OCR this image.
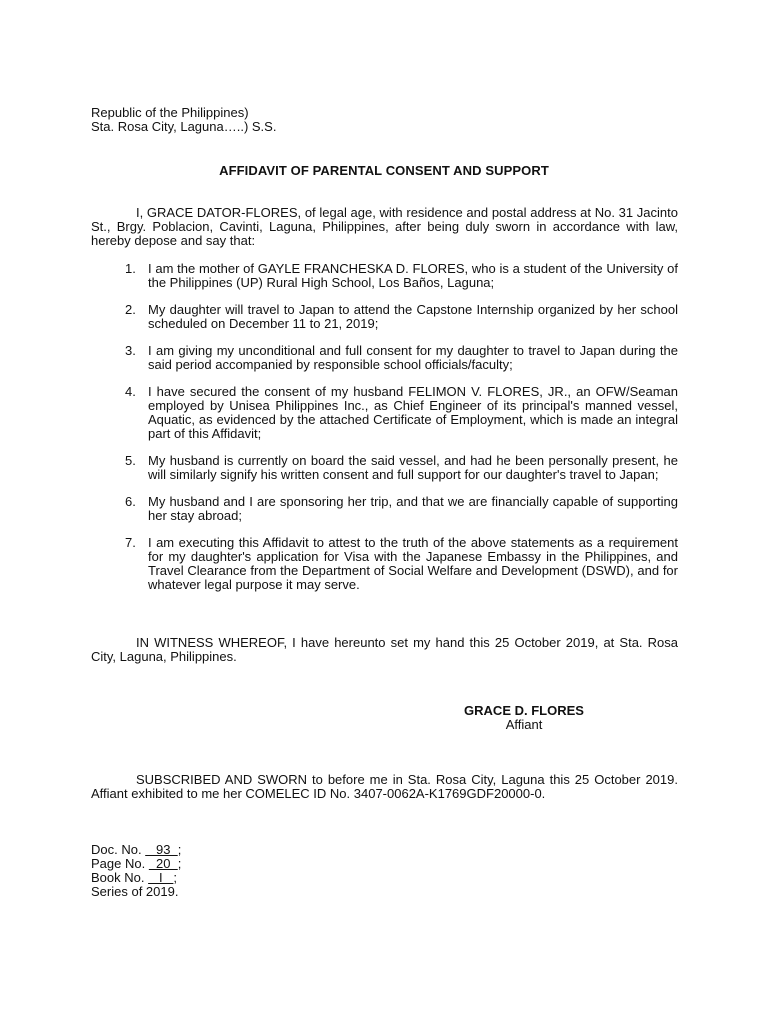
Republic of the Philippines)
Sta. Rosa City, Laguna…..) S.S.
AFFIDAVIT OF PARENTAL CONSENT AND SUPPORT
I, GRACE DATOR-FLORES, of legal age, with residence and postal address at No. 31 Jacinto St., Brgy. Poblacion, Cavinti, Laguna, Philippines, after being duly sworn in accordance with law, hereby depose and say that:
1. I am the mother of GAYLE FRANCHESKA D. FLORES, who is a student of the University of the Philippines (UP) Rural High School, Los Baños, Laguna;
2. My daughter will travel to Japan to attend the Capstone Internship organized by her school scheduled on December 11 to 21, 2019;
3. I am giving my unconditional and full consent for my daughter to travel to Japan during the said period accompanied by responsible school officials/faculty;
4. I have secured the consent of my husband FELIMON V. FLORES, JR., an OFW/Seaman employed by Unisea Philippines Inc., as Chief Engineer of its principal's manned vessel, Aquatic, as evidenced by the attached Certificate of Employment, which is made an integral part of this Affidavit;
5. My husband is currently on board the said vessel, and had he been personally present, he will similarly signify his written consent and full support for our daughter's travel to Japan;
6. My husband and I are sponsoring her trip, and that we are financially capable of supporting her stay abroad;
7. I am executing this Affidavit to attest to the truth of the above statements as a requirement for my daughter's application for Visa with the Japanese Embassy in the Philippines, and Travel Clearance from the Department of Social Welfare and Development (DSWD), and for whatever legal purpose it may serve.
IN WITNESS WHEREOF, I have hereunto set my hand this 25 October 2019, at Sta. Rosa City, Laguna, Philippines.
GRACE D. FLORES
Affiant
SUBSCRIBED AND SWORN to before me in Sta. Rosa City, Laguna this 25 October 2019. Affiant exhibited to me her COMELEC ID No. 3407-0062A-K1769GDF20000-0.
Doc. No.    93  ;
Page No.   20  ;
Book No.    I   ;
Series of 2019.
